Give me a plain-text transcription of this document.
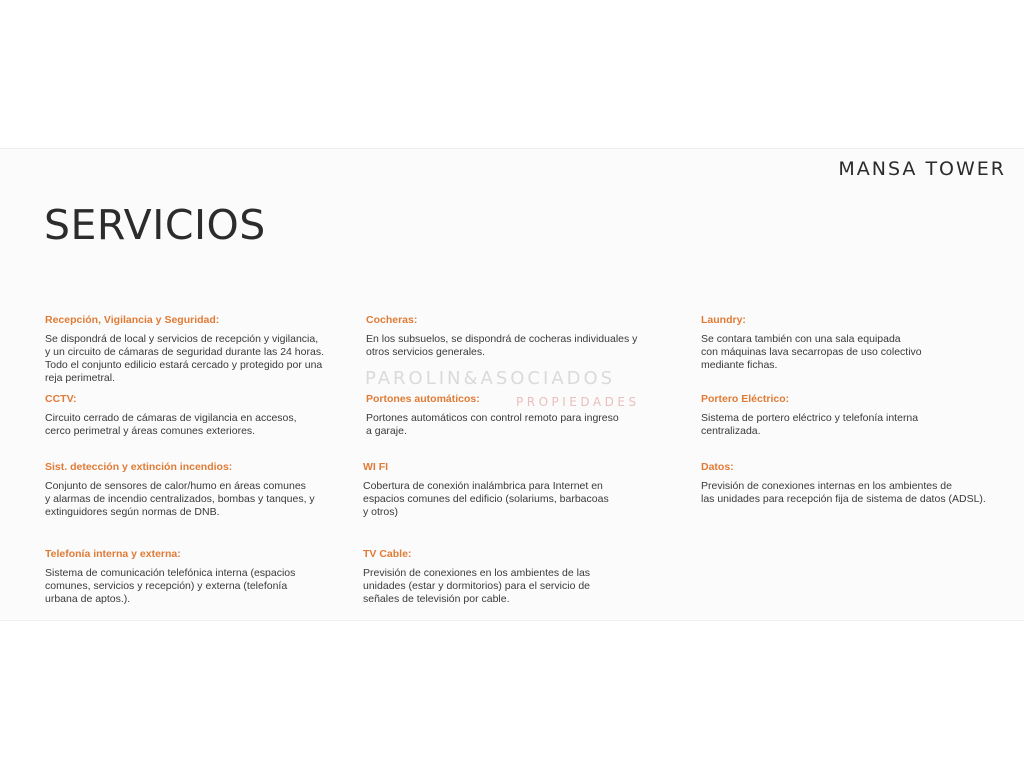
MANSA TOWER
SERVICIOS

Recepción, Vigilancia y Seguridad:

Se dispondrá de local y servicios de recepción y vigilancia,
y un circuito de cámaras de seguridad durante las 24 horas.
Todo el conjunto edilicio estará cercado y protegido por una
reja perimetral.

CCTV:

Circuito cerrado de cámaras de vigilancia en accesos,
cerco perimetral y áreas comunes exteriores.

Sist. detección y extinción incendios:

Conjunto de sensores de calor/humo en áreas comunes
y alarmas de incendio centralizados, bombas y tanques, y
extinguidores según normas de DNB.

Telefonía interna y externa:

Sistema de comunicación telefónica interna (espacios
comunes, servicios y recepción) y externa (telefonía
urbana de aptos.).

Cocheras:

En los subsuelos, se dispondrá de cocheras individuales y
otros servicios generales.

Portones automáticos:

Portones automáticos con control remoto para ingreso
a garaje.

WI FI

Cobertura de conexión inalámbrica para Internet en
espacios comunes del edificio (solariums, barbacoas
y otros)

TV Cable:

Previsión de conexiones en los ambientes de las
unidades (estar y dormitorios) para el servicio de
señales de televisión por cable.

Laundry:

Se contara también con una sala equipada
con máquinas lava secarropas de uso colectivo
mediante fichas.

Portero Eléctrico:

Sistema de portero eléctrico y telefonía interna
centralizada.

Datos:

Previsión de conexiones internas en los ambientes de
las unidades para recepción fija de sistema de datos (ADSL).

PAROLIN&ASOCIADOS
PROPIEDADES
